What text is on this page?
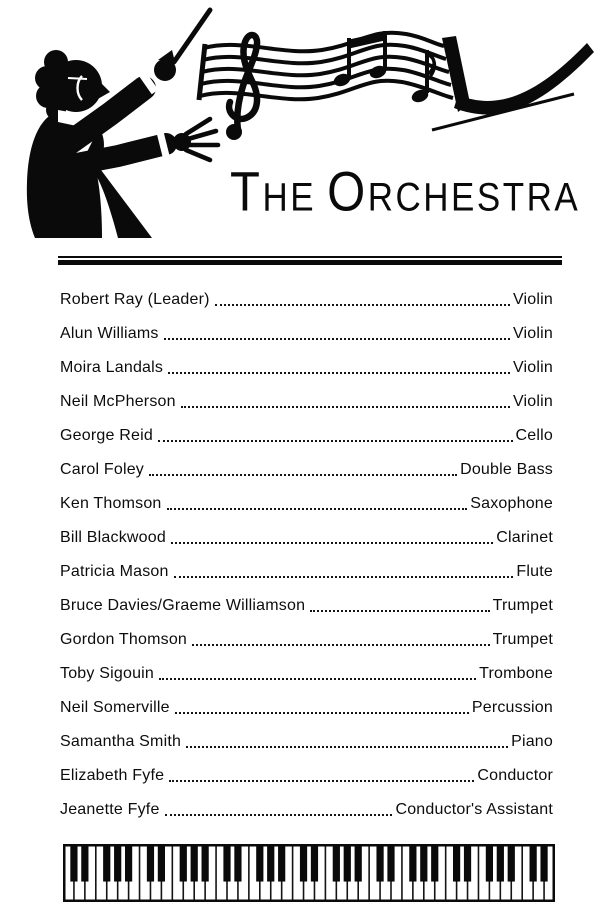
THE ORCHESTRA
Robert Ray (Leader)	Violin
Alun Williams	Violin
Moira Landals	Violin
Neil McPherson	Violin
George Reid	Cello
Carol Foley	Double Bass
Ken Thomson	Saxophone
Bill Blackwood	Clarinet
Patricia Mason	Flute
Bruce Davies/Graeme Williamson	Trumpet
Gordon Thomson	Trumpet
Toby Sigouin	Trombone
Neil Somerville	Percussion
Samantha Smith	Piano
Elizabeth Fyfe	Conductor
Jeanette Fyfe	Conductor's Assistant
